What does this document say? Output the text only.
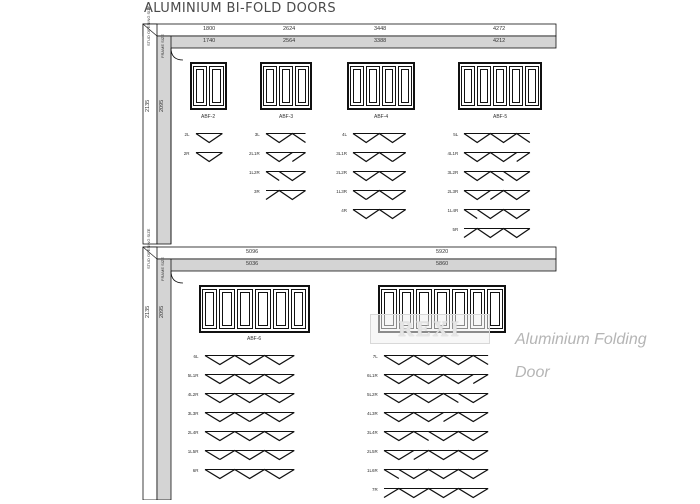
ALUMINIUM BI-FOLD DOORS
STUD OPENING SIZE FRAME SIZE
STUD OPENING SIZE FRAME SIZE
1800	2624	3448	4272
1740	2564	3388	4212
2135 2095
5096	5920
5036	5860
2135 2095
ABF-2
2L
2R
ABF-3
3L
2L1R
1L2R
3R
ABF-4
4L
3L1R
2L2R
1L3R
4R
ABF-5
5L
4L1R
3L2R
2L3R
1L4R
5R
ABF-6
6L
5L1R
4L2R
3L3R
2L4R
1L5R
6R
7L
6L1R
5L2R
4L3R
3L4R
2L5R
1L6R
7R
REXI	Aluminium Folding
Door
